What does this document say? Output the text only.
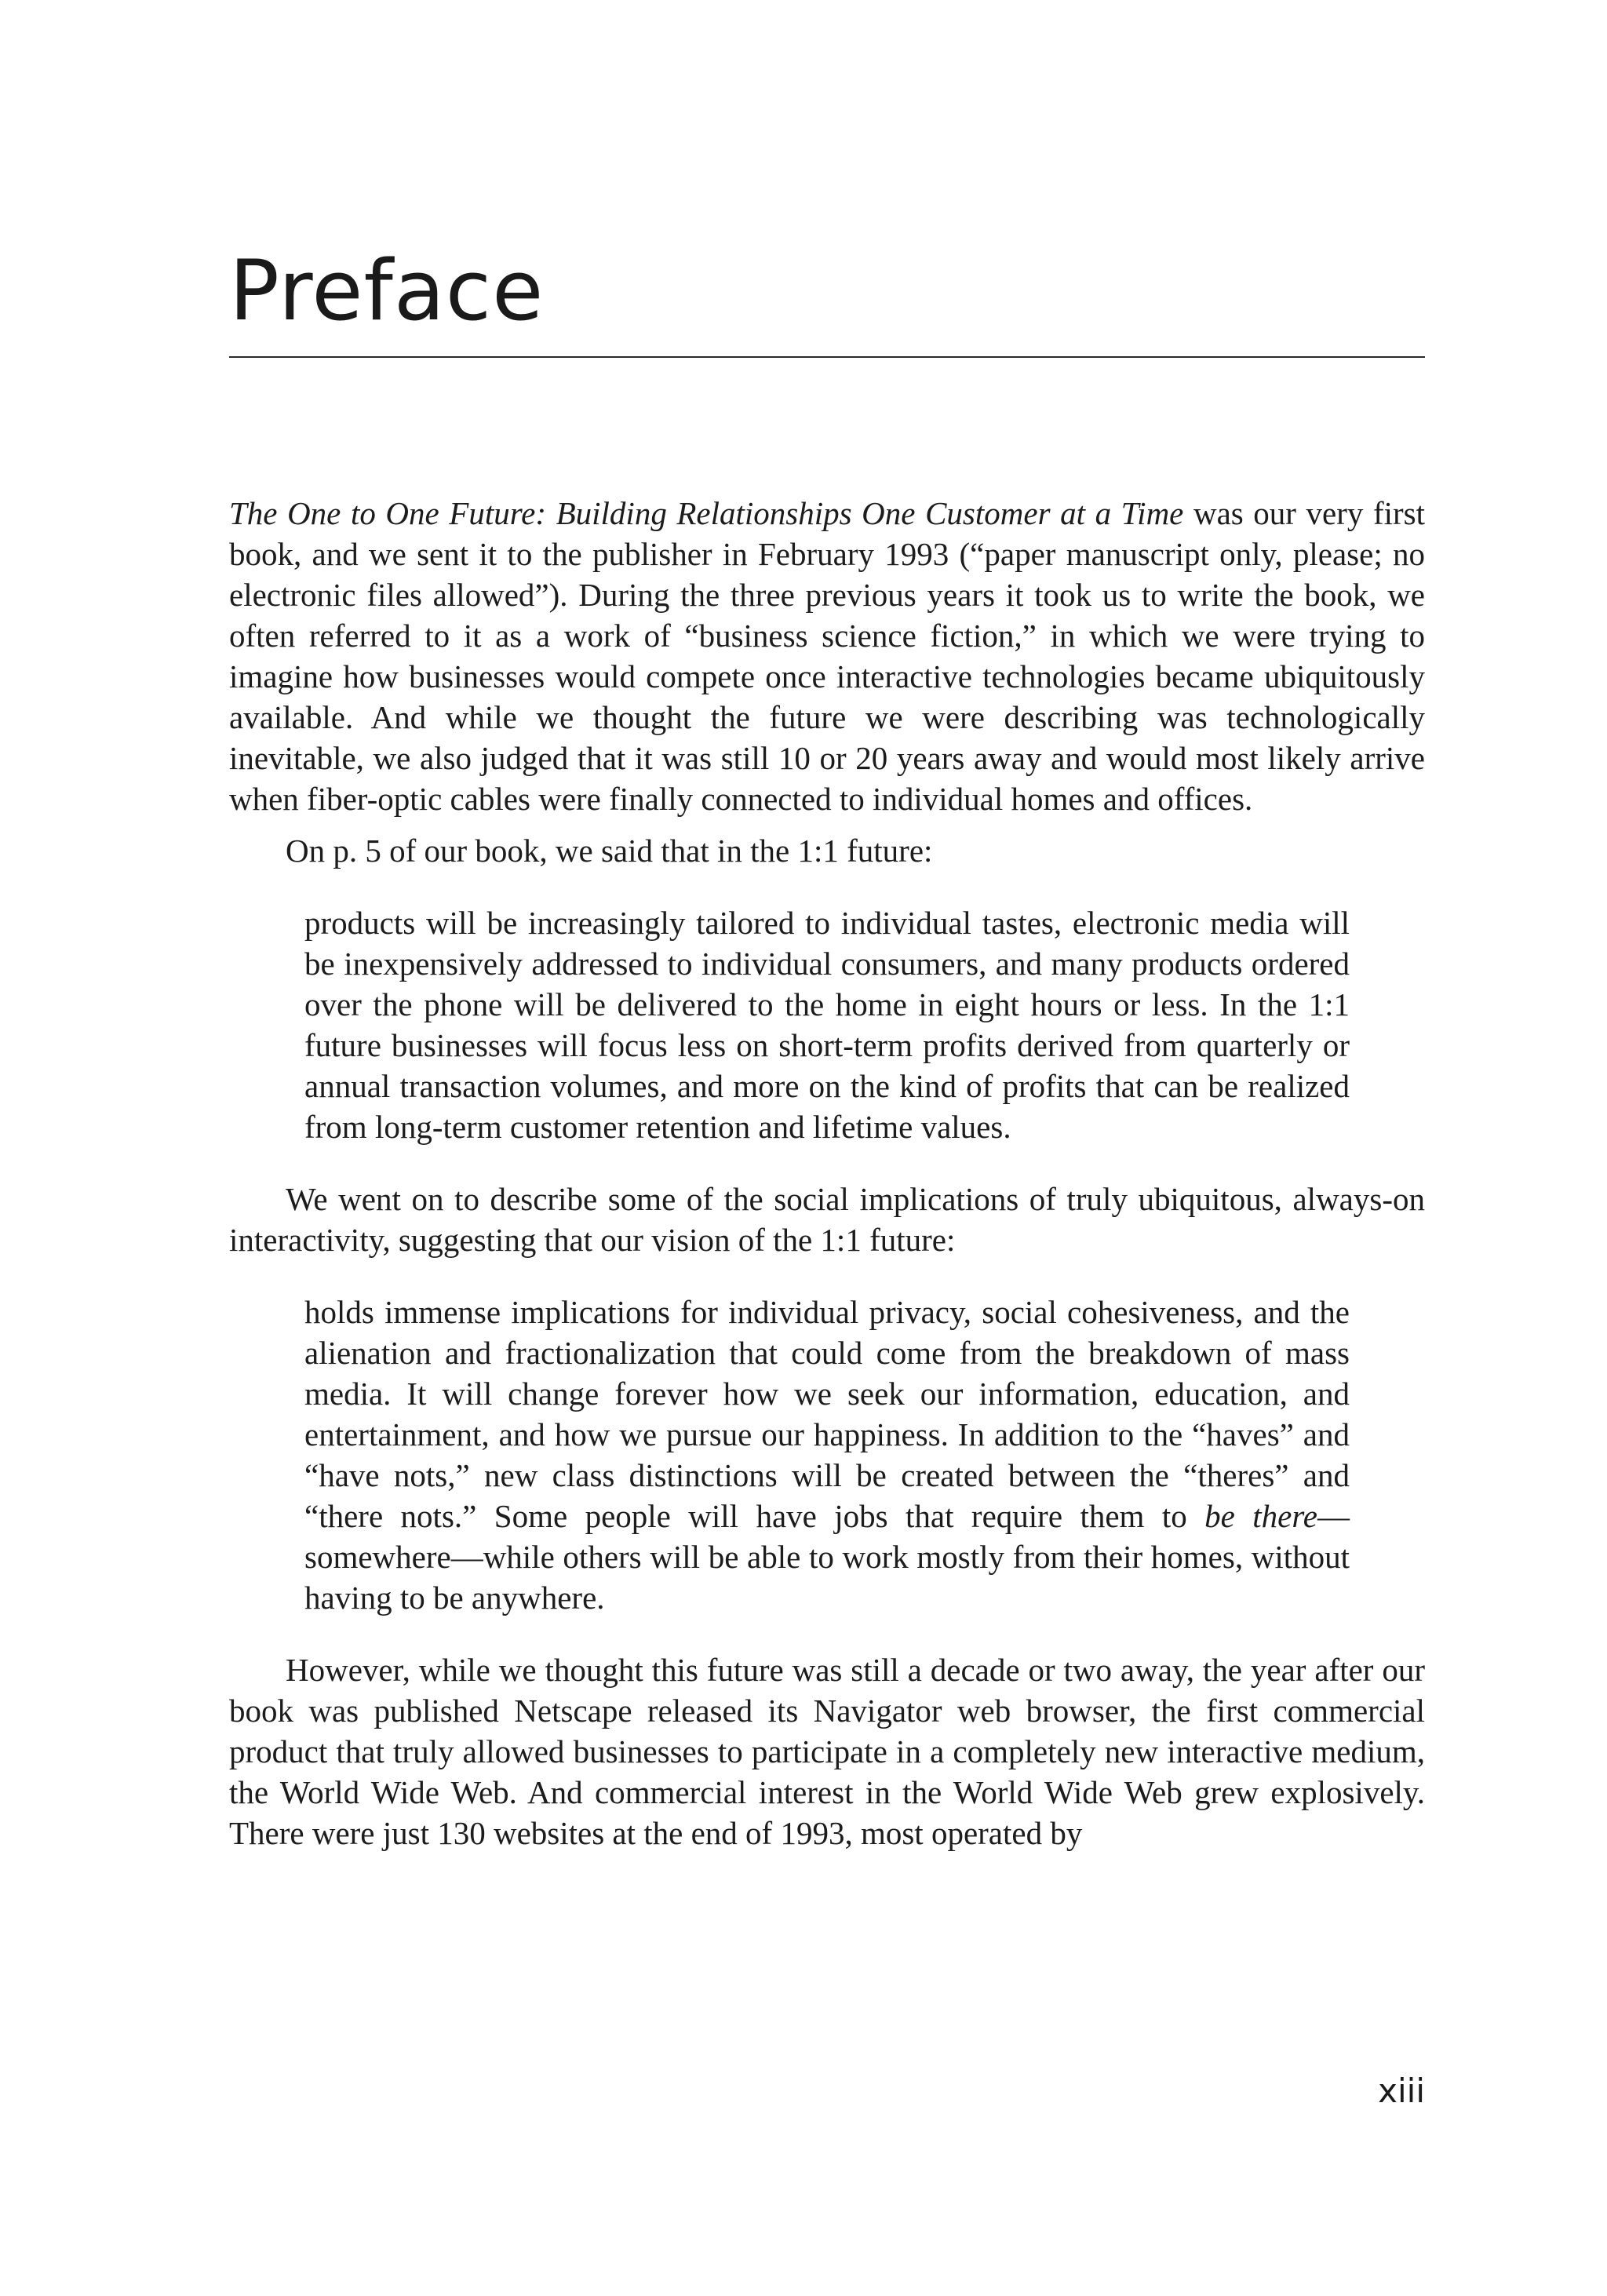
Preface

The One to One Future: Building Relationships One Customer at a Time was our very first book, and we sent it to the publisher in February 1993 (“paper manuscript only, please; no electronic files allowed”). During the three previous years it took us to write the book, we often referred to it as a work of “business science fiction,” in which we were trying to imagine how businesses would compete once interactive technologies became ubiquitously available. And while we thought the future we were describing was technologically inevitable, we also judged that it was still 10 or 20 years away and would most likely arrive when fiber-optic cables were finally connected to individual homes and offices.

On p. 5 of our book, we said that in the 1:1 future:

products will be increasingly tailored to individual tastes, electronic media will be inexpensively addressed to individual consumers, and many products ordered over the phone will be delivered to the home in eight hours or less. In the 1:1 future businesses will focus less on short-term profits derived from quarterly or annual transaction volumes, and more on the kind of profits that can be realized from long-term customer retention and lifetime values.

We went on to describe some of the social implications of truly ubiquitous, always-on interactivity, suggesting that our vision of the 1:1 future:

holds immense implications for individual privacy, social cohesiveness, and the alienation and fractionalization that could come from the breakdown of mass media. It will change forever how we seek our information, education, and entertainment, and how we pursue our happiness. In addition to the “haves” and “have nots,” new class distinctions will be created between the “theres” and “there nots.” Some people will have jobs that require them to be there—somewhere—while others will be able to work mostly from their homes, without having to be anywhere.

However, while we thought this future was still a decade or two away, the year after our book was published Netscape released its Navigator web browser, the first commercial product that truly allowed businesses to participate in a completely new interactive medium, the World Wide Web. And commercial interest in the World Wide Web grew explosively. There were just 130 websites at the end of 1993, most operated by

xiii
